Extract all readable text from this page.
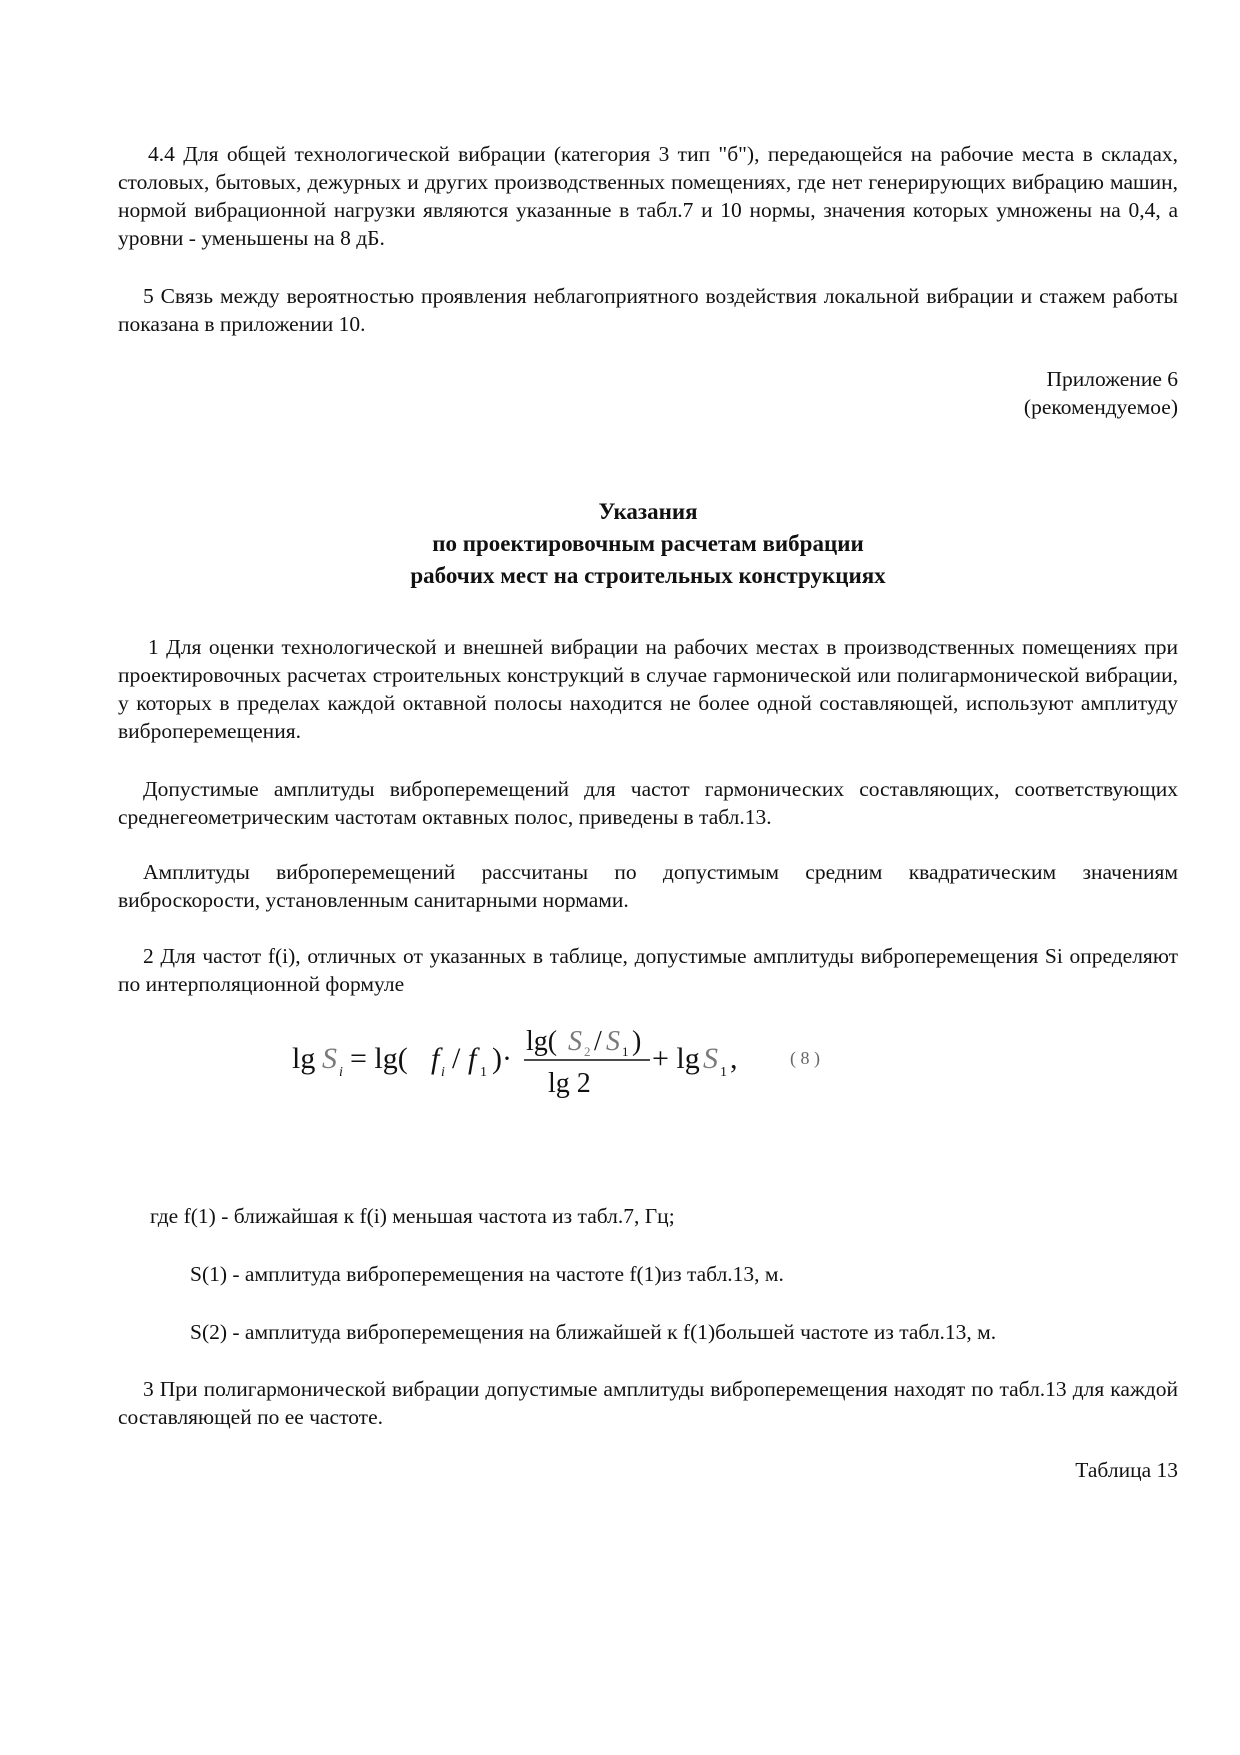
4.4 Для общей технологической вибрации (категория 3 тип "б"), передающейся на рабочие места в складах, столовых, бытовых, дежурных и других производственных помещениях, где нет генерирующих вибрацию машин, нормой вибрационной нагрузки являются указанные в табл.7 и 10 нормы, значения которых умножены на 0,4, а уровни - уменьшены на 8 дБ.

5 Связь между вероятностью проявления неблагоприятного воздействия локальной вибрации и стажем работы показана в приложении 10.

Приложение 6

(рекомендуемое)

Указания

по проектировочным расчетам вибрации

рабочих мест на строительных конструкциях

1 Для оценки технологической и внешней вибрации на рабочих местах в производственных помещениях при проектировочных расчетах строительных конструкций в случае гармонической или полигармонической вибрации, у которых в пределах каждой октавной полосы находится не более одной составляющей, используют амплитуду виброперемещения.

Допустимые амплитуды виброперемещений для частот гармонических составляющих, соответствующих среднегеометрическим частотам октавных полос, приведены в табл.13.

Амплитуды виброперемещений рассчитаны по допустимым средним квадратическим значениям виброскорости, установленным санитарными нормами.

2 Для частот f(i), отличных от указанных в таблице, допустимые амплитуды виброперемещения Si определяют по интерполяционной формуле

lg S i = lg( f i / f 1 )·
lg( S 2 / S 1 )
lg 2
+ lg S 1 ,	( 8 )

где f(1) - ближайшая к f(i) меньшая частота из табл.7, Гц;

S(1) - амплитуда виброперемещения на частоте f(1)из табл.13, м.

S(2) - амплитуда виброперемещения на ближайшей к f(1)большей частоте из табл.13, м.

3 При полигармонической вибрации допустимые амплитуды виброперемещения находят по табл.13 для каждой составляющей по ее частоте.

Таблица 13
